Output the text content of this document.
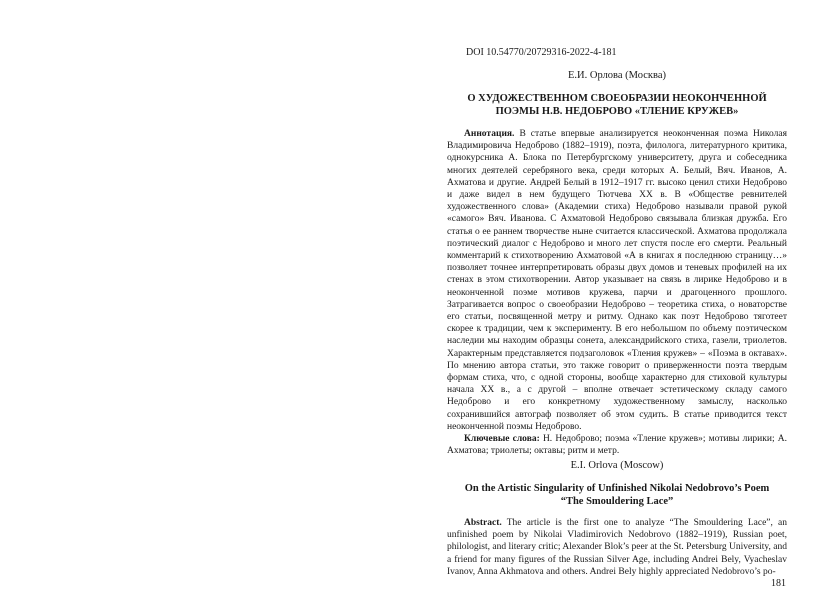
DOI 10.54770/20729316-2022-4-181
Е.И. Орлова (Москва)
О ХУДОЖЕСТВЕННОМ СВОЕОБРАЗИИ НЕОКОНЧЕННОЙ
ПОЭМЫ Н.В. НЕДОБРОВО «ТЛЕНИЕ КРУЖЕВ»

Аннотация. В статье впервые анализируется неоконченная поэма Николая Владимировича Недоброво (1882–1919), поэта, филолога, литературного критика, однокурсника А. Блока по Петербургскому университету, друга и собеседника многих деятелей серебряного века, среди которых А. Белый, Вяч. Иванов, А. Ахматова и другие. Андрей Белый в 1912–1917 гг. высоко ценил стихи Недоброво и даже видел в нем будущего Тютчева XX в. В «Обществе ревнителей художественного слова» (Академии стиха) Недоброво называли правой рукой «самого» Вяч. Иванова. С Ахматовой Недоброво связывала близкая дружба. Его статья о ее раннем творчестве ныне считается классической. Ахматова продолжала поэтический диалог с Недоброво и много лет спустя после его смерти. Реальный комментарий к стихотворению Ахматовой «А в книгах я последнюю страницу…» позволяет точнее интерпретировать образы двух домов и теневых профилей на их стенах в этом стихотворении. Автор указывает на связь в лирике Недоброво и в неоконченной поэме мотивов кружева, парчи и драгоценного прошлого. Затрагивается вопрос о своеобразии Недоброво – теоретика стиха, о новаторстве его статьи, посвященной метру и ритму. Однако как поэт Недоброво тяготеет скорее к традиции, чем к эксперименту. В его небольшом по объему поэтическом наследии мы находим образцы сонета, александрийского стиха, газели, триолетов. Характерным представляется подзаголовок «Тления кружев» – «Поэма в октавах». По мнению автора статьи, это также говорит о приверженности поэта твердым формам стиха, что, с одной стороны, вообще характерно для стиховой культуры начала XX в., а с другой – вполне отвечает эстетическому складу самого Недоброво и его конкретному художественному замыслу, насколько сохранившийся автограф позволяет об этом судить. В статье приводится текст неоконченной поэмы Недоброво.

Ключевые слова: Н. Недоброво; поэма «Тление кружев»; мотивы лирики; А. Ахматова; триолеты; октавы; ритм и метр.

E.I. Orlova (Moscow)
On the Artistic Singularity of Unfinished Nikolai Nedobrovo’s Poem
“The Smouldering Lace”

Abstract. The article is the first one to analyze “The Smouldering Lace”, an unfinished poem by Nikolai Vladimirovich Nedobrovo (1882–1919), Russian poet, philologist, and literary critic; Alexander Blok’s peer at the St. Petersburg University, and a friend for many figures of the Russian Silver Age, including Andrei Bely, Vyacheslav Ivanov, Anna Akhmatova and others. Andrei Bely highly appreciated Nedobrovo’s po-

181
